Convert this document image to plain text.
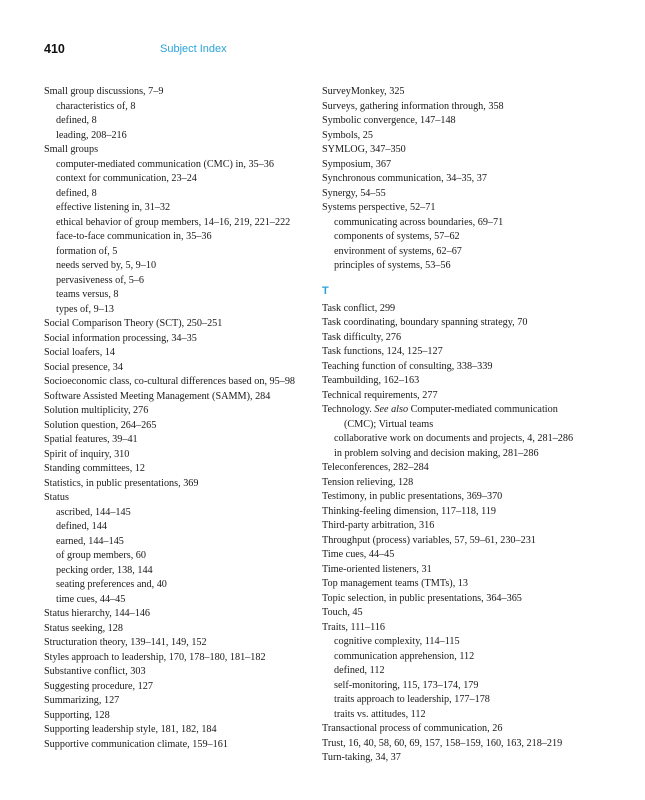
410	Subject Index

Small group discussions, 7–9

characteristics of, 8

defined, 8

leading, 208–216

Small groups

computer-mediated communication (CMC) in, 35–36

context for communication, 23–24

defined, 8

effective listening in, 31–32

ethical behavior of group members, 14–16, 219, 221–222

face-to-face communication in, 35–36

formation of, 5

needs served by, 5, 9–10

pervasiveness of, 5–6

teams versus, 8

types of, 9–13

Social Comparison Theory (SCT), 250–251

Social information processing, 34–35

Social loafers, 14

Social presence, 34

Socioeconomic class, co-cultural differences based on, 95–98

Software Assisted Meeting Management (SAMM), 284

Solution multiplicity, 276

Solution question, 264–265

Spatial features, 39–41

Spirit of inquiry, 310

Standing committees, 12

Statistics, in public presentations, 369

Status

ascribed, 144–145

defined, 144

earned, 144–145

of group members, 60

pecking order, 138, 144

seating preferences and, 40

time cues, 44–45

Status hierarchy, 144–146

Status seeking, 128

Structuration theory, 139–141, 149, 152

Styles approach to leadership, 170, 178–180, 181–182

Substantive conflict, 303

Suggesting procedure, 127

Summarizing, 127

Supporting, 128

Supporting leadership style, 181, 182, 184

Supportive communication climate, 159–161

SurveyMonkey, 325

Surveys, gathering information through, 358

Symbolic convergence, 147–148

Symbols, 25

SYMLOG, 347–350

Symposium, 367

Synchronous communication, 34–35, 37

Synergy, 54–55

Systems perspective, 52–71

communicating across boundaries, 69–71

components of systems, 57–62

environment of systems, 62–67

principles of systems, 53–56

T

Task conflict, 299

Task coordinating, boundary spanning strategy, 70

Task difficulty, 276

Task functions, 124, 125–127

Teaching function of consulting, 338–339

Teambuilding, 162–163

Technical requirements, 277

Technology. See also Computer-mediated communication (CMC); Virtual teams

collaborative work on documents and projects, 4, 281–286

in problem solving and decision making, 281–286

Teleconferences, 282–284

Tension relieving, 128

Testimony, in public presentations, 369–370

Thinking-feeling dimension, 117–118, 119

Third-party arbitration, 316

Throughput (process) variables, 57, 59–61, 230–231

Time cues, 44–45

Time-oriented listeners, 31

Top management teams (TMTs), 13

Topic selection, in public presentations, 364–365

Touch, 45

Traits, 111–116

cognitive complexity, 114–115

communication apprehension, 112

defined, 112

self-monitoring, 115, 173–174, 179

traits approach to leadership, 177–178

traits vs. attitudes, 112

Transactional process of communication, 26

Trust, 16, 40, 58, 60, 69, 157, 158–159, 160, 163, 218–219

Turn-taking, 34, 37
